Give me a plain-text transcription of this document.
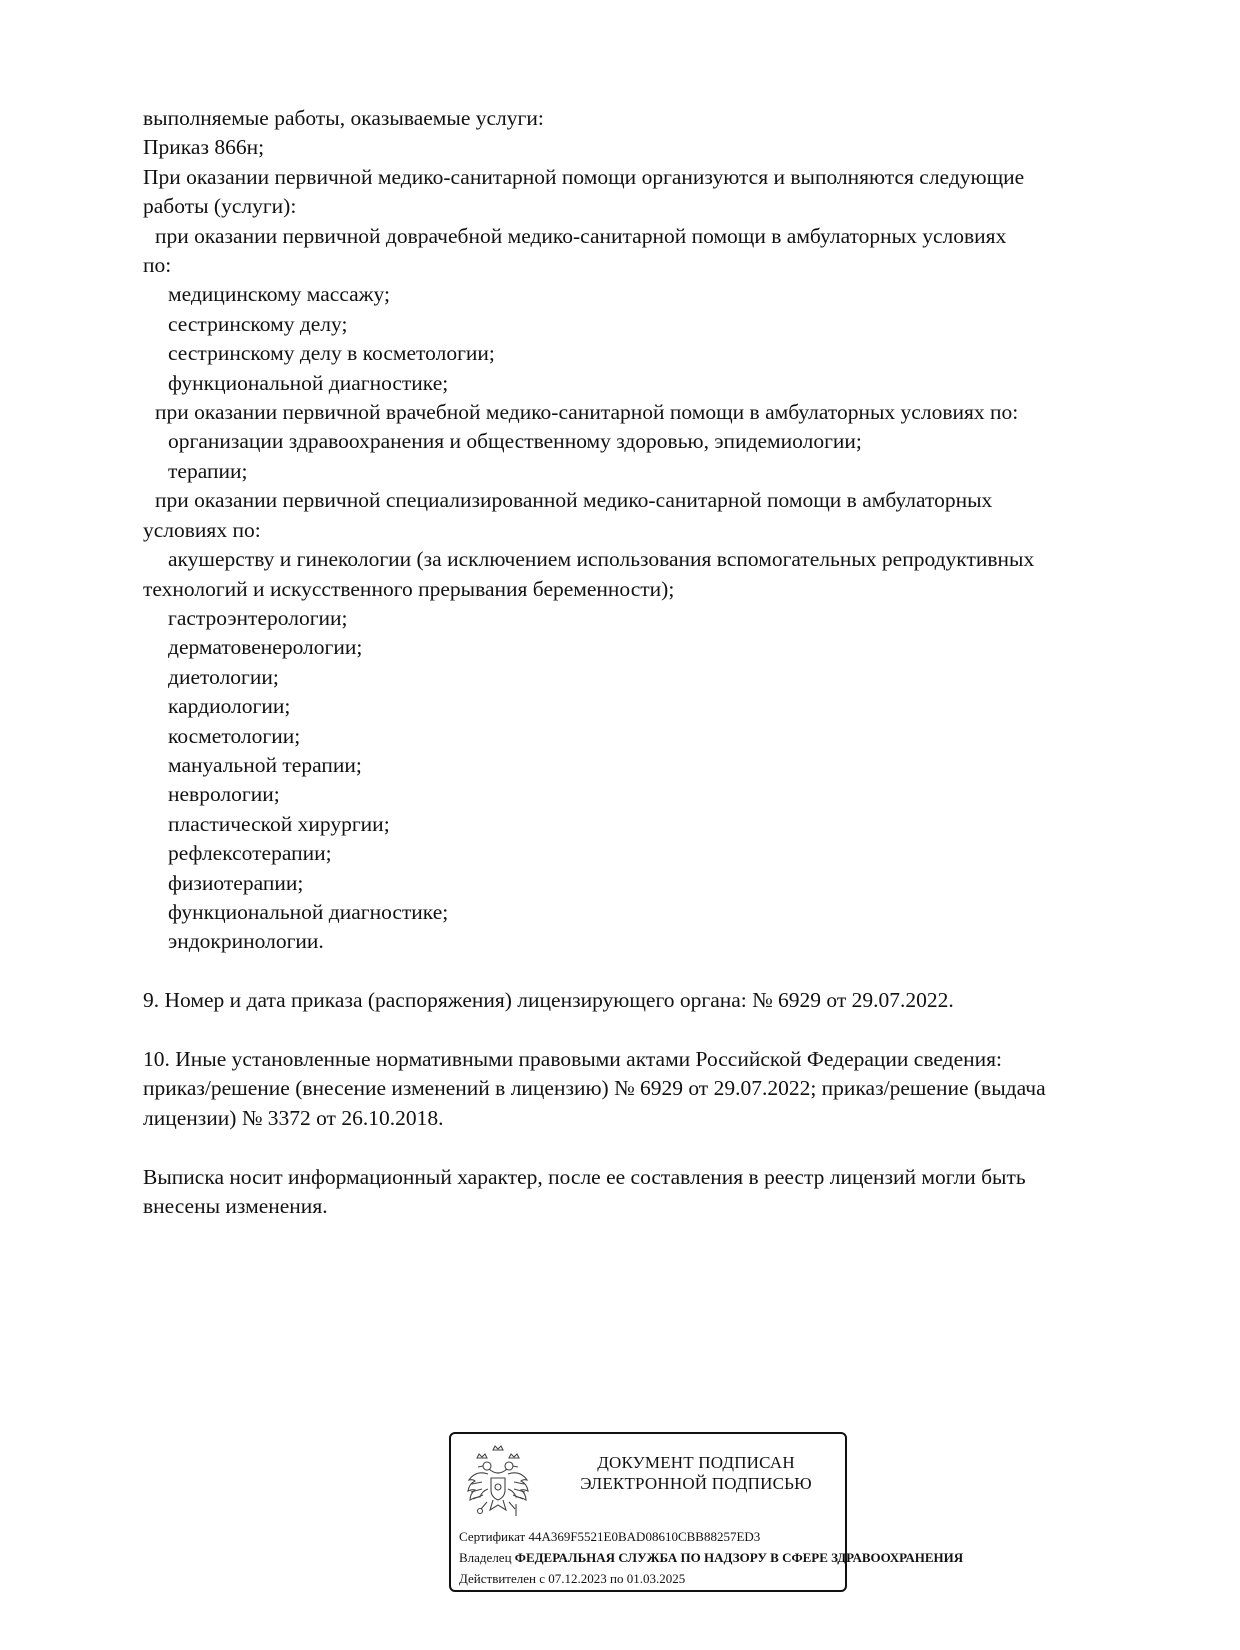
выполняемые работы, оказываемые услуги:
Приказ 866н;
При оказании первичной медико-санитарной помощи организуются и выполняются следующие
работы (услуги):
при оказании первичной доврачебной медико-санитарной помощи в амбулаторных условиях
по:
медицинскому массажу;
сестринскому делу;
сестринскому делу в косметологии;
функциональной диагностике;
при оказании первичной врачебной медико-санитарной помощи в амбулаторных условиях по:
организации здравоохранения и общественному здоровью, эпидемиологии;
терапии;
при оказании первичной специализированной медико-санитарной помощи в амбулаторных
условиях по:
акушерству и гинекологии (за исключением использования вспомогательных репродуктивных
технологий и искусственного прерывания беременности);
гастроэнтерологии;
дерматовенерологии;
диетологии;
кардиологии;
косметологии;
мануальной терапии;
неврологии;
пластической хирургии;
рефлексотерапии;
физиотерапии;
функциональной диагностике;
эндокринологии.
9. Номер и дата приказа (распоряжения) лицензирующего органа: № 6929 от 29.07.2022.
10. Иные установленные нормативными правовыми актами Российской Федерации сведения:
приказ/решение (внесение изменений в лицензию) № 6929 от 29.07.2022; приказ/решение (выдача
лицензии) № 3372 от 26.10.2018.
Выписка носит информационный характер, после ее составления в реестр лицензий могли быть
внесены изменения.
ДОКУМЕНТ ПОДПИСАН
ЭЛЕКТРОННОЙ ПОДПИСЬЮ
Сертификат 44A369F5521E0BAD08610CBB88257ED3
Владелец ФЕДЕРАЛЬНАЯ СЛУЖБА ПО НАДЗОРУ В СФЕРЕ ЗДРАВООХРАНЕНИЯ
Действителен с 07.12.2023 по 01.03.2025
